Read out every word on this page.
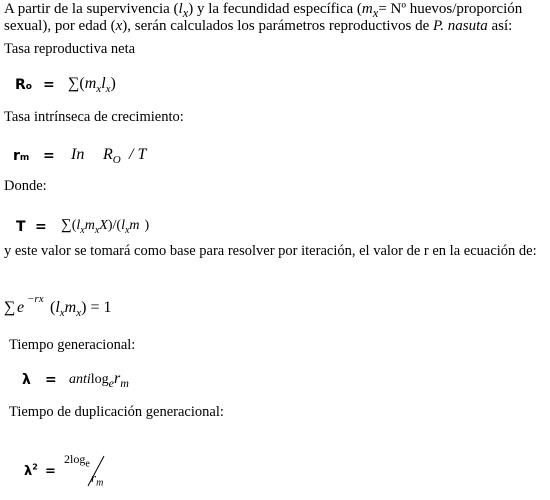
A partir de la supervivencia $(l_x)$ y la fecundidad específica ($m_x=$ Nº huevos/proporción
sexual), por edad (x), serán calculados los parámetros reproductivos de P. nasuta así:
Tasa reproductiva neta
$Ro = \sum(m_xl_x)$
Tasa intrínseca de crecimiento:
rm = In $R_O$ / T
Donde:
$T = \sum(l_xm_xX)/(l_xm$ )
y este valor se tomará como base para resolver por iteración, el valor de r en la ecuación de:
∑ e −rx $(l_xm_x) = 1$
Tiempo generacional:
$\lambda = antilog_er_m$
Tiempo de duplicación generacional:
$\lambda^2$ =
$2\log_e$
$r_m$
